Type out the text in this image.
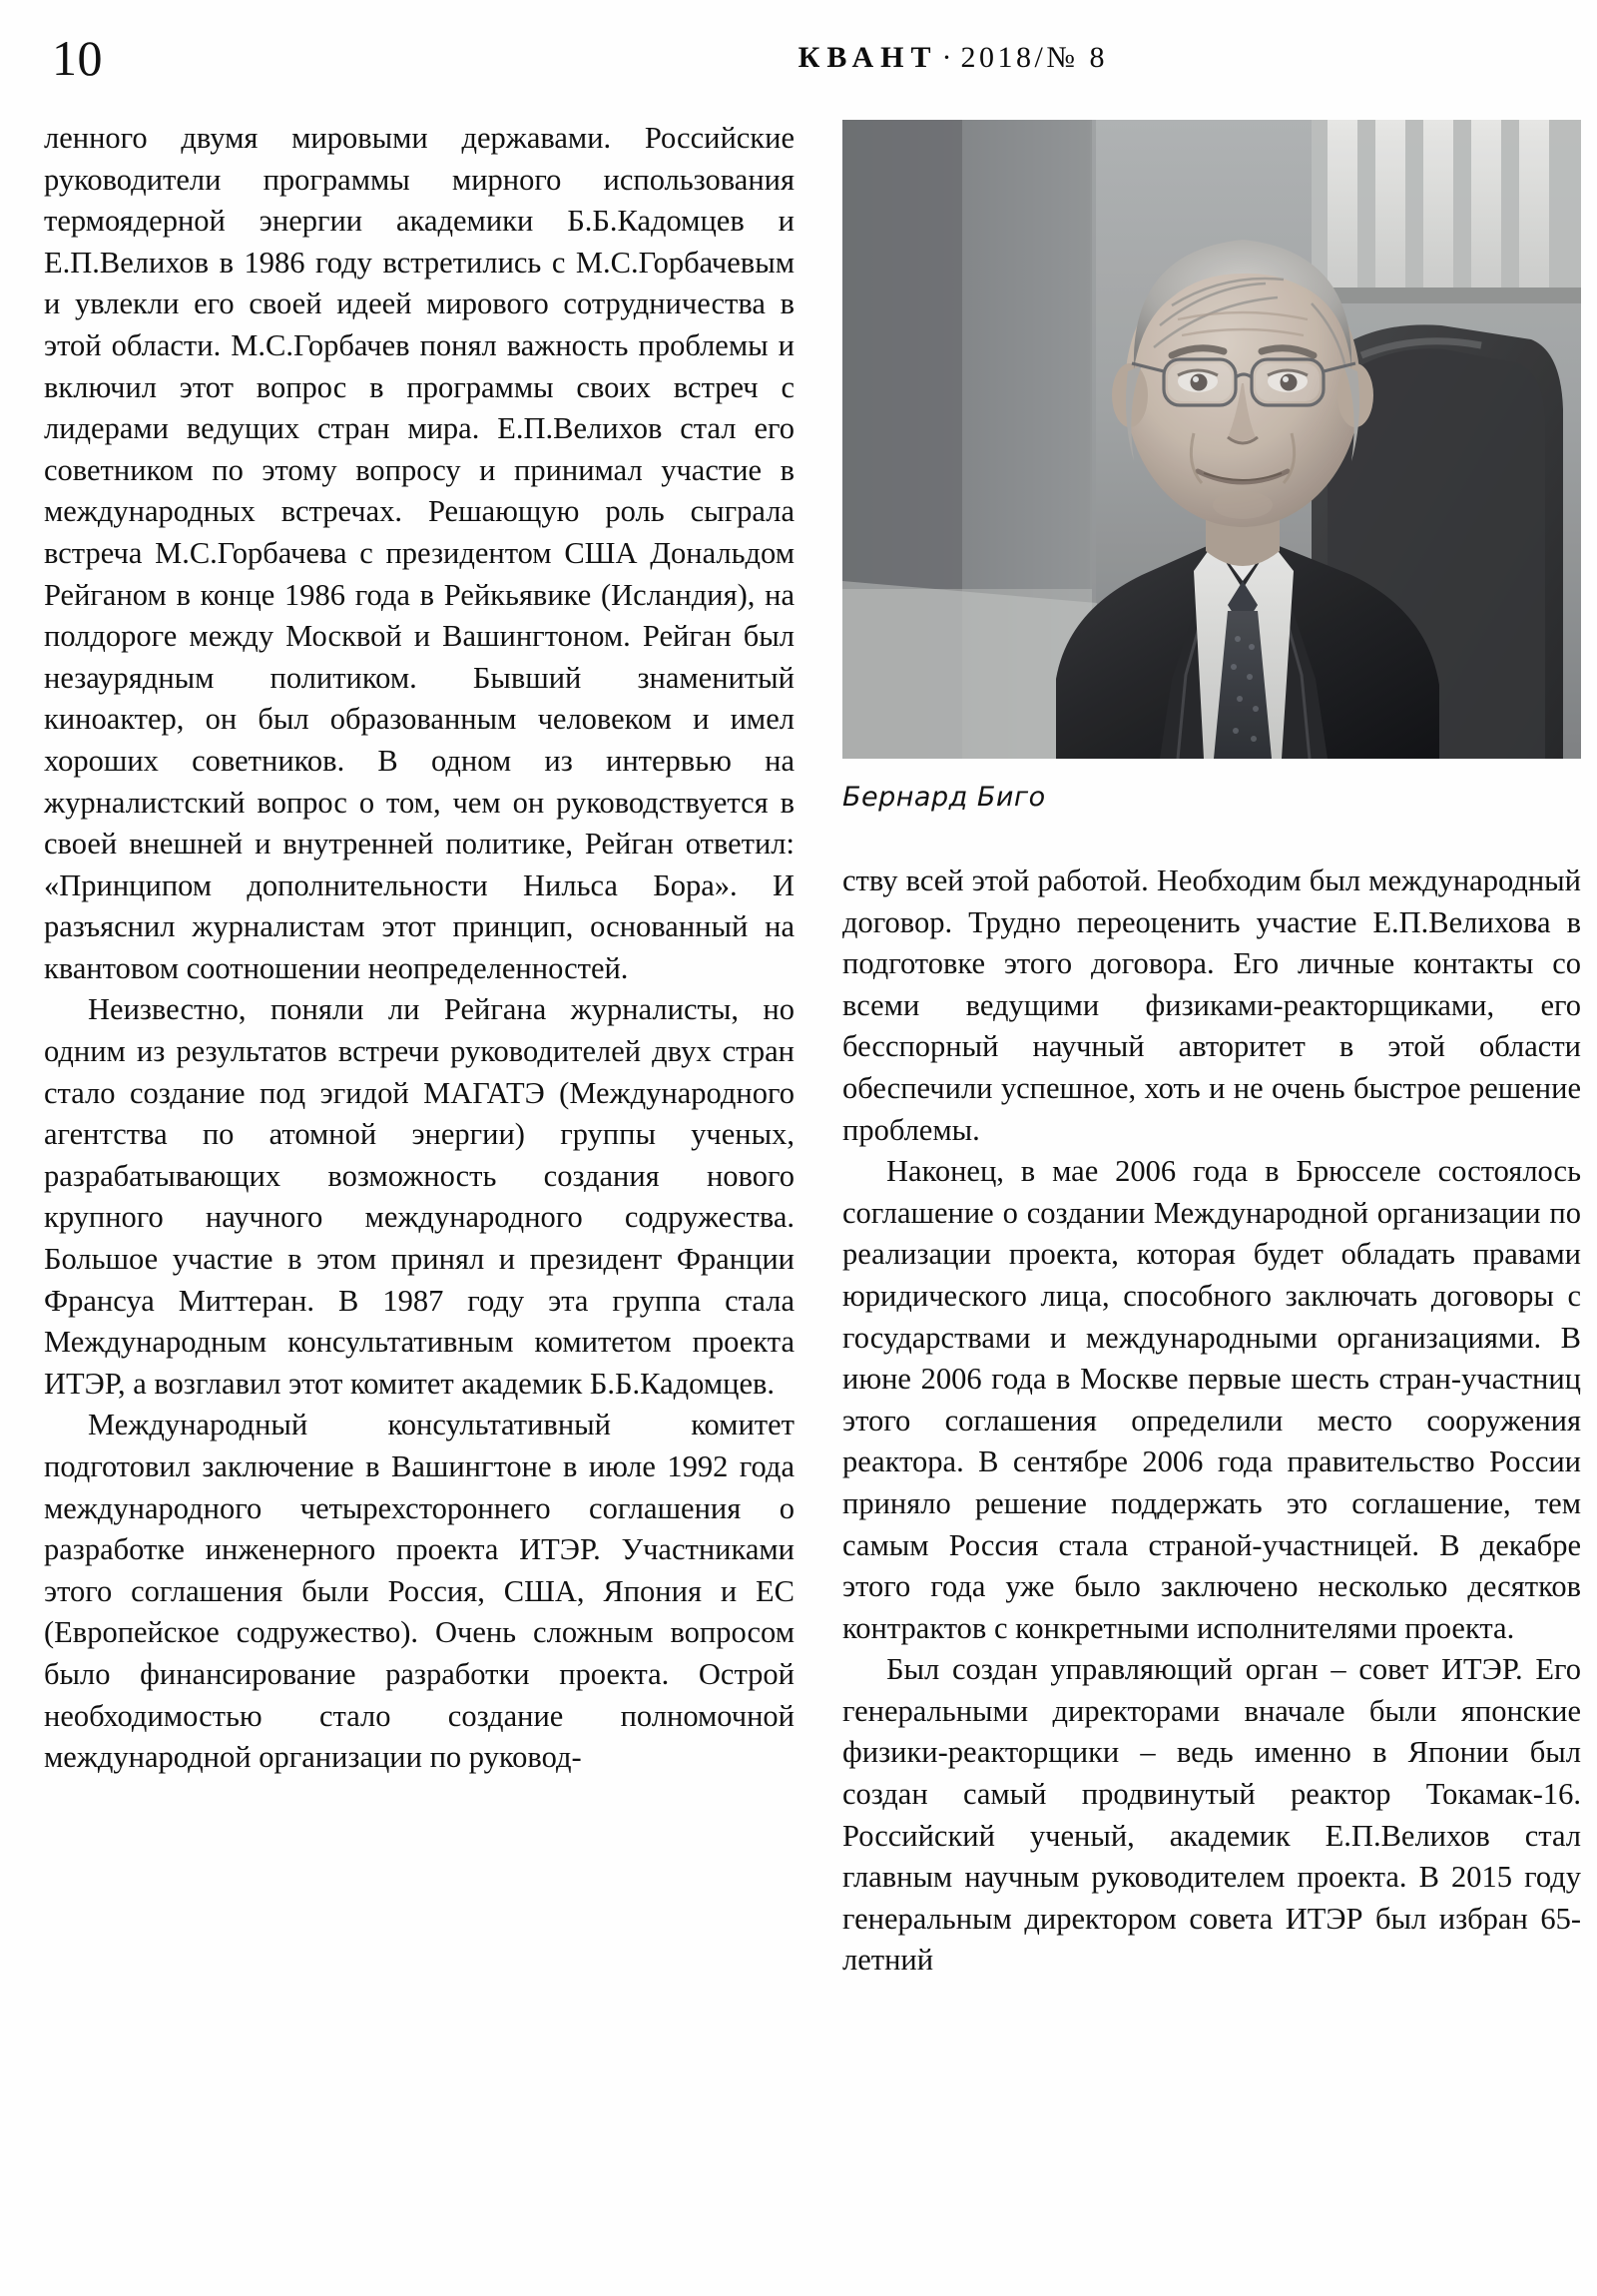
10	КВАНТ · 2018/№ 8

ленного двумя мировыми державами. Российские руководители программы мирного использования термоядерной энергии академики Б.Б.Кадомцев и Е.П.Велихов в 1986 году встретились с М.С.Горбачевым и увлекли его своей идеей мирового сотрудничества в этой области. М.С.Горбачев понял важность проблемы и включил этот вопрос в программы своих встреч с лидерами ведущих стран мира. Е.П.Велихов стал его советником по этому вопросу и принимал участие в международных встречах. Решающую роль сыграла встреча М.С.Горбачева с президентом США Дональдом Рейганом в конце 1986 года в Рейкьявике (Исландия), на полдороге между Москвой и Вашингтоном. Рейган был незаурядным политиком. Бывший знаменитый киноактер, он был образованным человеком и имел хороших советников. В одном из интервью на журналистский вопрос о том, чем он руководствуется в своей внешней и внутренней политике, Рейган ответил: «Принципом дополнительности Нильса Бора». И разъяснил журналистам этот принцип, основанный на квантовом соотношении неопределенностей.

Неизвестно, поняли ли Рейгана журналисты, но одним из результатов встречи руководителей двух стран стало создание под эгидой МАГАТЭ (Международного агентства по атомной энергии) группы ученых, разрабатывающих возможность создания нового крупного научного международного содружества. Большое участие в этом принял и президент Франции Франсуа Миттеран. В 1987 году эта группа стала Международным консультативным комитетом проекта ИТЭР, а возглавил этот комитет академик Б.Б.Кадомцев.

Международный консультативный комитет подготовил заключение в Вашингтоне в июле 1992 года международного четырехстороннего соглашения о разработке инженерного проекта ИТЭР. Участниками этого соглашения были Россия, США, Япония и ЕС (Европейское содружество). Очень сложным вопросом было финансирование разработки проекта. Острой необходимостью стало создание полномочной международной организации по руковод-

Бернард Биго

ству всей этой работой. Необходим был международный договор. Трудно переоценить участие Е.П.Велихова в подготовке этого договора. Его личные контакты со всеми ведущими физиками-реакторщиками, его бесспорный научный авторитет в этой области обеспечили успешное, хоть и не очень быстрое решение проблемы.

Наконец, в мае 2006 года в Брюсселе состоялось соглашение о создании Международной организации по реализации проекта, которая будет обладать правами юридического лица, способного заключать договоры с государствами и международными организациями. В июне 2006 года в Москве первые шесть стран-участниц этого соглашения определили место сооружения реактора. В сентябре 2006 года правительство России приняло решение поддержать это соглашение, тем самым Россия стала страной-участницей. В декабре этого года уже было заключено несколько десятков контрактов с конкретными исполнителями проекта.

Был создан управляющий орган – совет ИТЭР. Его генеральными директорами вначале были японские физики-реакторщики – ведь именно в Японии был создан самый продвинутый реактор Токамак-16. Российский ученый, академик Е.П.Велихов стал главным научным руководителем проекта. В 2015 году генеральным директором совета ИТЭР был избран 65-летний
